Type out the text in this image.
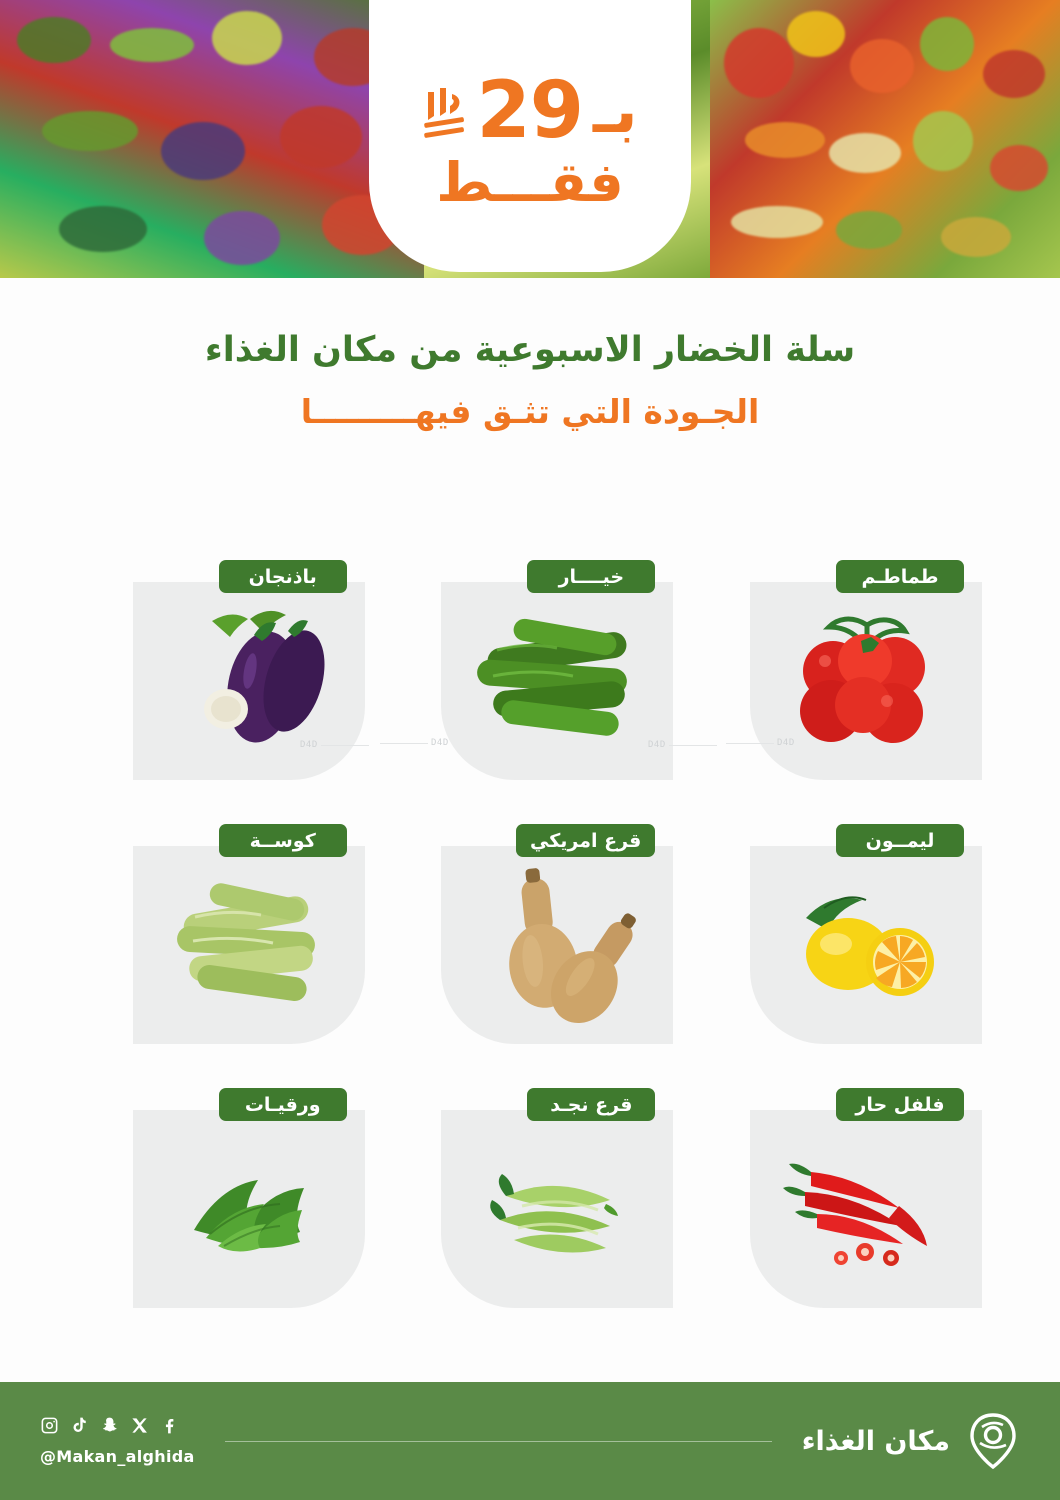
بـ
29
فقـــط
سلة الخضار الاسبوعية من مكان الغذاء
الجـودة التي تثـق فيهـــــــــا
طماطـم
خيــــار
باذنجان
ليمــون
قرع امريكي
كوســة
فلفل حار
قرع نجـد
ورقيـات
D4D	D4D	D4D	D4D
مكان الغذاء
@Makan_alghida
